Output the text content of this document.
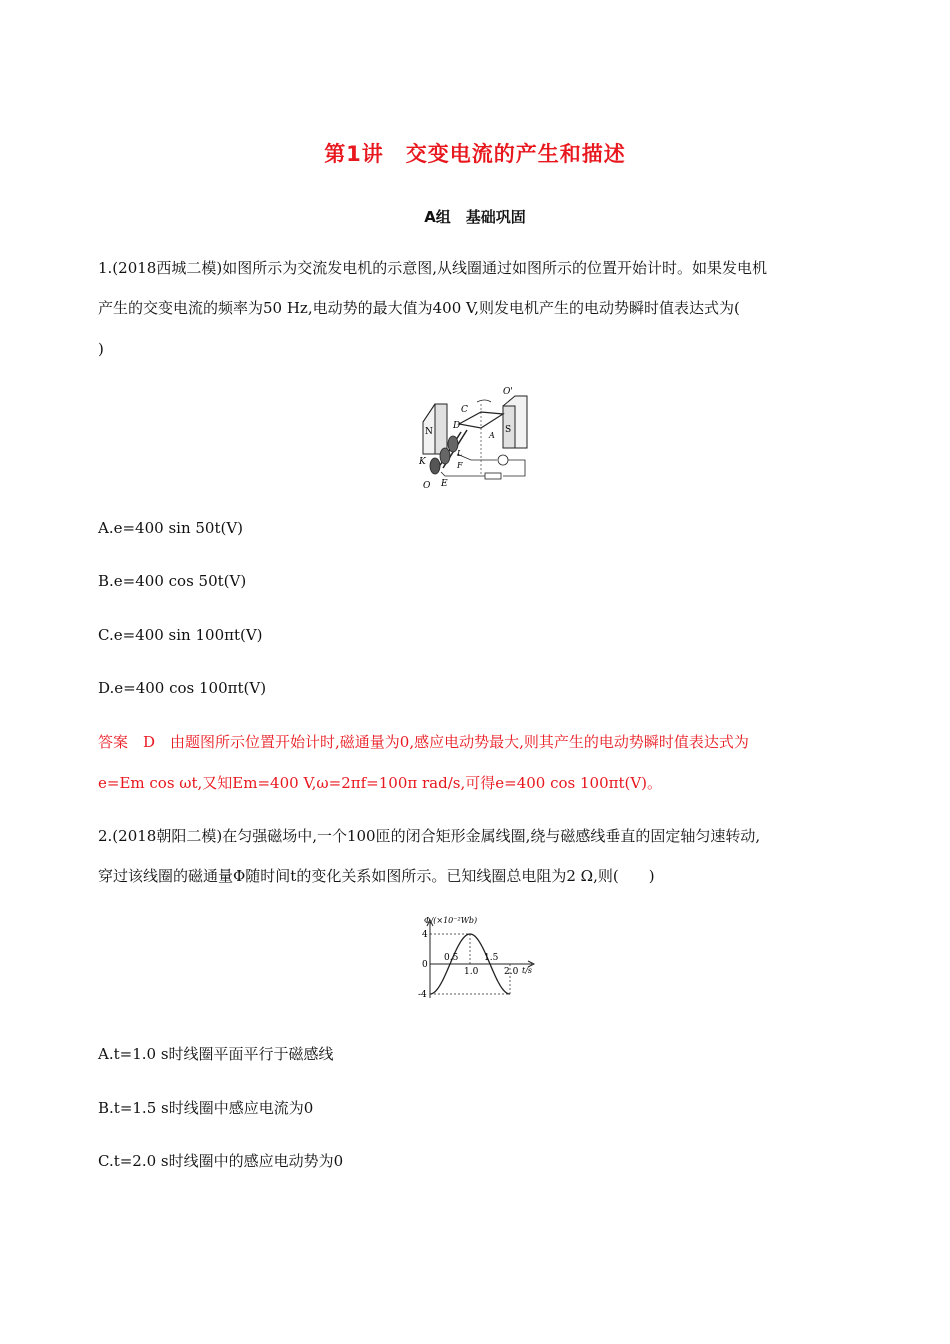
第1讲　交变电流的产生和描述
A组　基础巩固
1.(2018西城二模)如图所示为交流发电机的示意图,从线圈通过如图所示的位置开始计时。如果发电机
产生的交变电流的频率为50 Hz,电动势的最大值为400 V,则发电机产生的电动势瞬时值表达式为(
)
N	S
O'
C
D
A
L
K	F
O E
A.e=400 sin 50t(V)
B.e=400 cos 50t(V)
C.e=400 sin 100πt(V)
D.e=400 cos 100πt(V)
答案　D　由题图所示位置开始计时,磁通量为0,感应电动势最大,则其产生的电动势瞬时值表达式为
e=Em cos ωt,又知Em=400 V,ω=2πf=100π rad/s,可得e=400 cos 100πt(V)。
2.(2018朝阳二模)在匀强磁场中,一个100匝的闭合矩形金属线圈,绕与磁感线垂直的固定轴匀速转动,
穿过该线圈的磁通量Φ随时间t的变化关系如图所示。已知线圈总电阻为2 Ω,则(　　)
Φ/(×10⁻²Wb)
t/s
0.5
1.0
1.5
2.0
4
0
-4
A.t=1.0 s时线圈平面平行于磁感线
B.t=1.5 s时线圈中感应电流为0
C.t=2.0 s时线圈中的感应电动势为0
